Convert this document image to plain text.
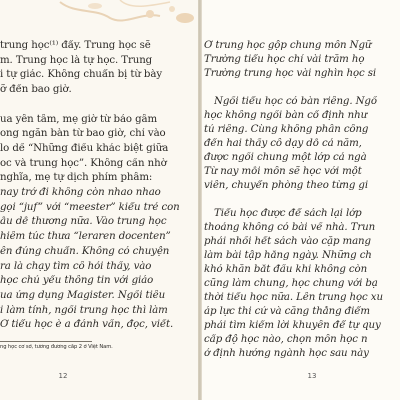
trung học⁽¹⁾ đấy. Trung học sẽ
m. Trung học là tự học. Trung
i tự giác. Không chuẩn bị từ bày
ỡ đến bao giờ.
ua yên tâm, mẹ giờ từ báo gâm
ong ngăn bàn từ bao giờ, chỉ vào
lo dề “Những điều khác biệt giữa
oc và trung học”. Không cần nhờ
nghĩa, mẹ tự dịch phím phâm:
nay trở đi không còn nhao nhao
gọi “juf” với “meester” kiểu trẻ con
ẫu dễ thương nữa. Vào trung học
hiêm túc thưa “leraren docenten”
ên đúng chuẩn. Không có chuyện
ra là chạy tìm cô hỏi thầy, vào
học chủ yếu thông tin với giáo
ua ứng dụng Magister. Ngồi tiêu
i làm tính, ngồi trung học thì làm
Ở tiểu học è a đánh vần, đọc, viết.
ng học cơ sở, tương đương cấp 2 ở Việt Nam.
12
Ở trung học gộp chung môn Ngữ
Trường tiểu học chỉ vài trăm họ
Trường trung học vài nghìn học si
Ngồi tiểu học có bàn riêng. Ngồ
học không ngồi bàn cố định như
tủ riêng. Cùng không phân công
đến hai thầy cô dạy dỗ cả năm,
được ngồi chung một lớp cả ngà
Từ nay mỗi môn sẽ học với một
viên, chuyển phòng theo từng gi
Tiểu học được để sách lại lớp
thoảng không có bài về nhà. Trun
phải nhồi hết sách vào cặp mang
làm bài tập hằng ngày. Những ch
khó khăn bắt đầu khi không còn
cũng làm chung, học chung với bạ
thời tiểu học nữa. Lên trung học xu
áp lực thi cử và căng thẳng điểm
phải tìm kiếm lời khuyên để tự quy
cấp độ học nào, chọn môn học n
ở định hướng ngành học sau này
13
